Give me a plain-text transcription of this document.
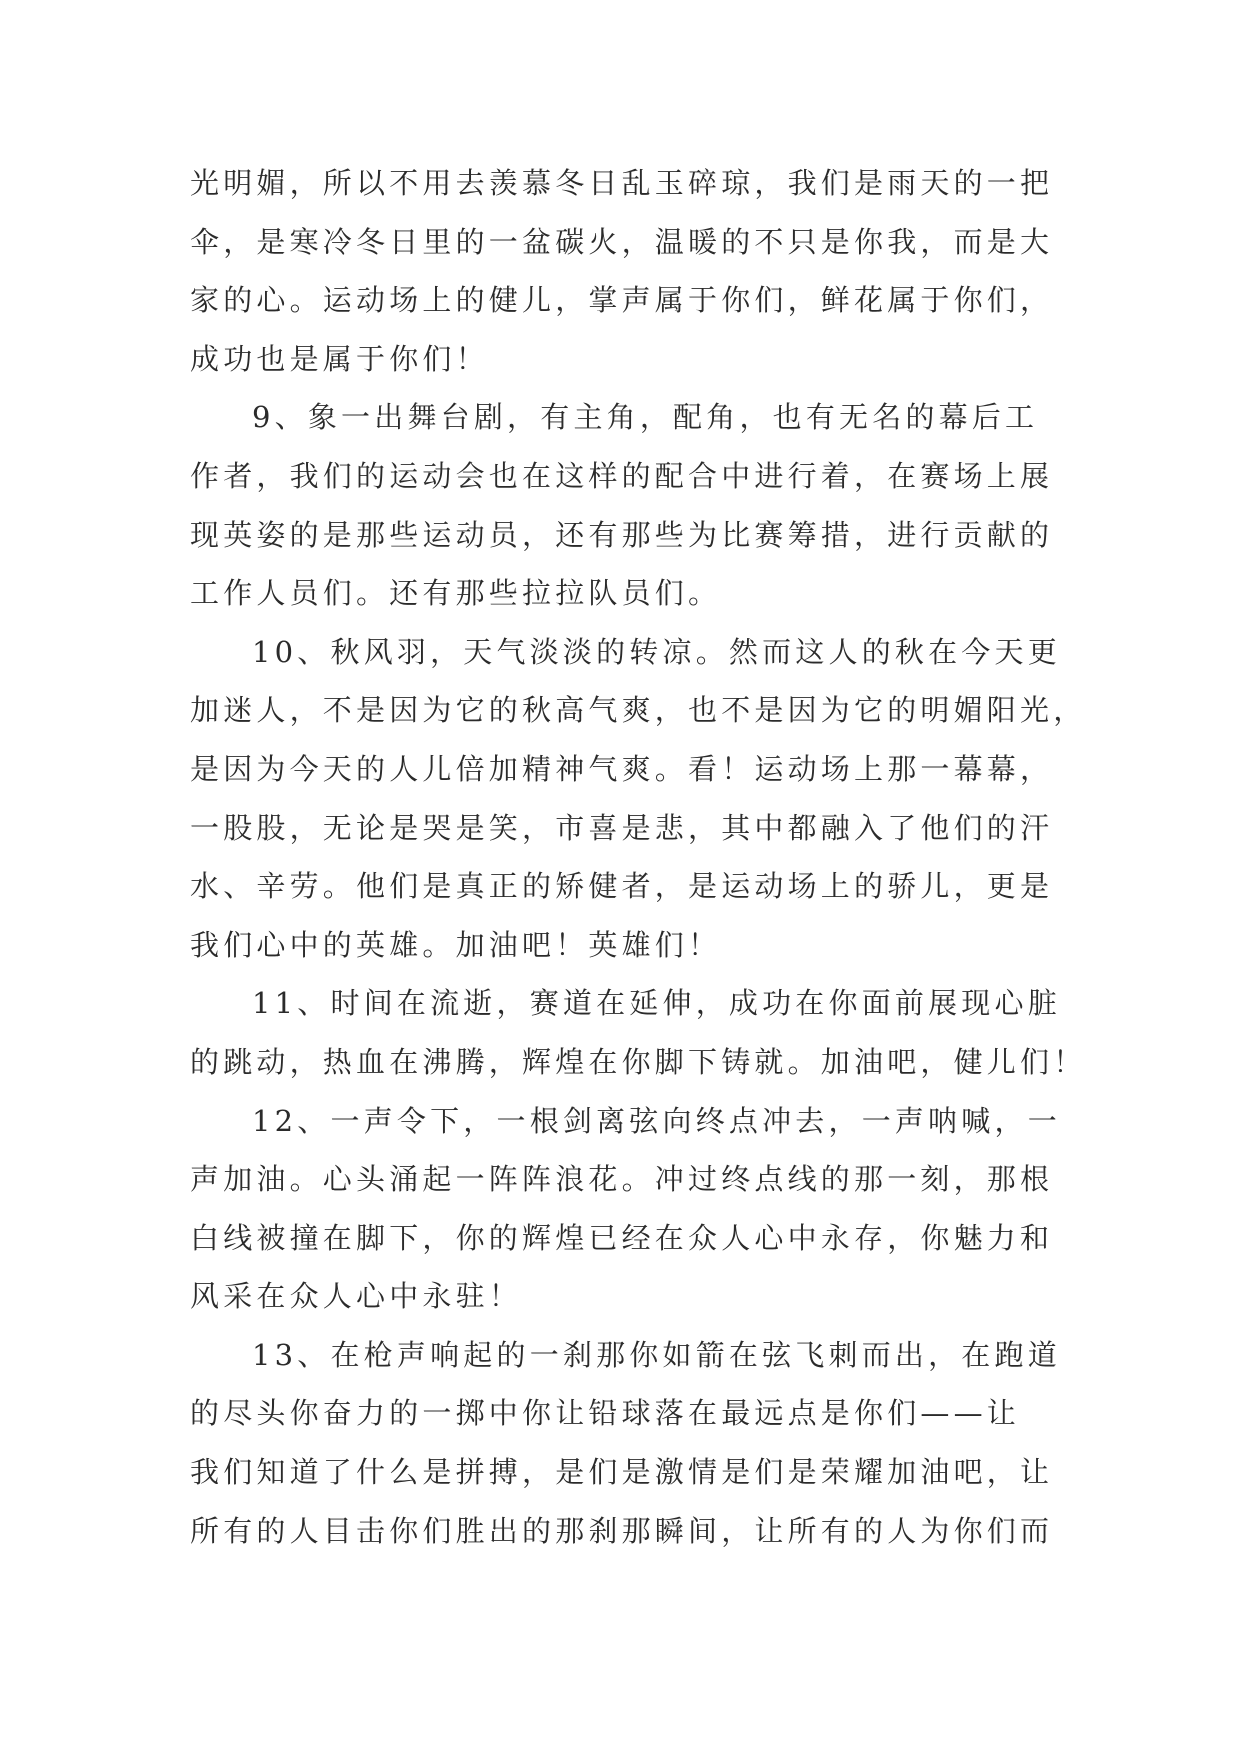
光明媚，所以不用去羡慕冬日乱玉碎琼，我们是雨天的一把
伞，是寒冷冬日里的一盆碳火，温暖的不只是你我，而是大
家的心。运动场上的健儿，掌声属于你们，鲜花属于你们，
成功也是属于你们！

9、象一出舞台剧，有主角，配角，也有无名的幕后工
作者，我们的运动会也在这样的配合中进行着，在赛场上展
现英姿的是那些运动员，还有那些为比赛筹措，进行贡献的
工作人员们。还有那些拉拉队员们。

10、秋风羽，天气淡淡的转凉。然而这人的秋在今天更
加迷人，不是因为它的秋高气爽，也不是因为它的明媚阳光，
是因为今天的人儿倍加精神气爽。看！运动场上那一幕幕，
一股股，无论是哭是笑，市喜是悲，其中都融入了他们的汗
水、辛劳。他们是真正的矫健者，是运动场上的骄儿，更是
我们心中的英雄。加油吧！英雄们！

11、时间在流逝，赛道在延伸，成功在你面前展现心脏
的跳动，热血在沸腾，辉煌在你脚下铸就。加油吧，健儿们！

12、一声令下，一根剑离弦向终点冲去，一声呐喊，一
声加油。心头涌起一阵阵浪花。冲过终点线的那一刻，那根
白线被撞在脚下，你的辉煌已经在众人心中永存，你魅力和
风采在众人心中永驻！

13、在枪声响起的一刹那你如箭在弦飞刺而出，在跑道
的尽头你奋力的一掷中你让铅球落在最远点是你们——让
我们知道了什么是拼搏，是们是激情是们是荣耀加油吧，让
所有的人目击你们胜出的那刹那瞬间，让所有的人为你们而
